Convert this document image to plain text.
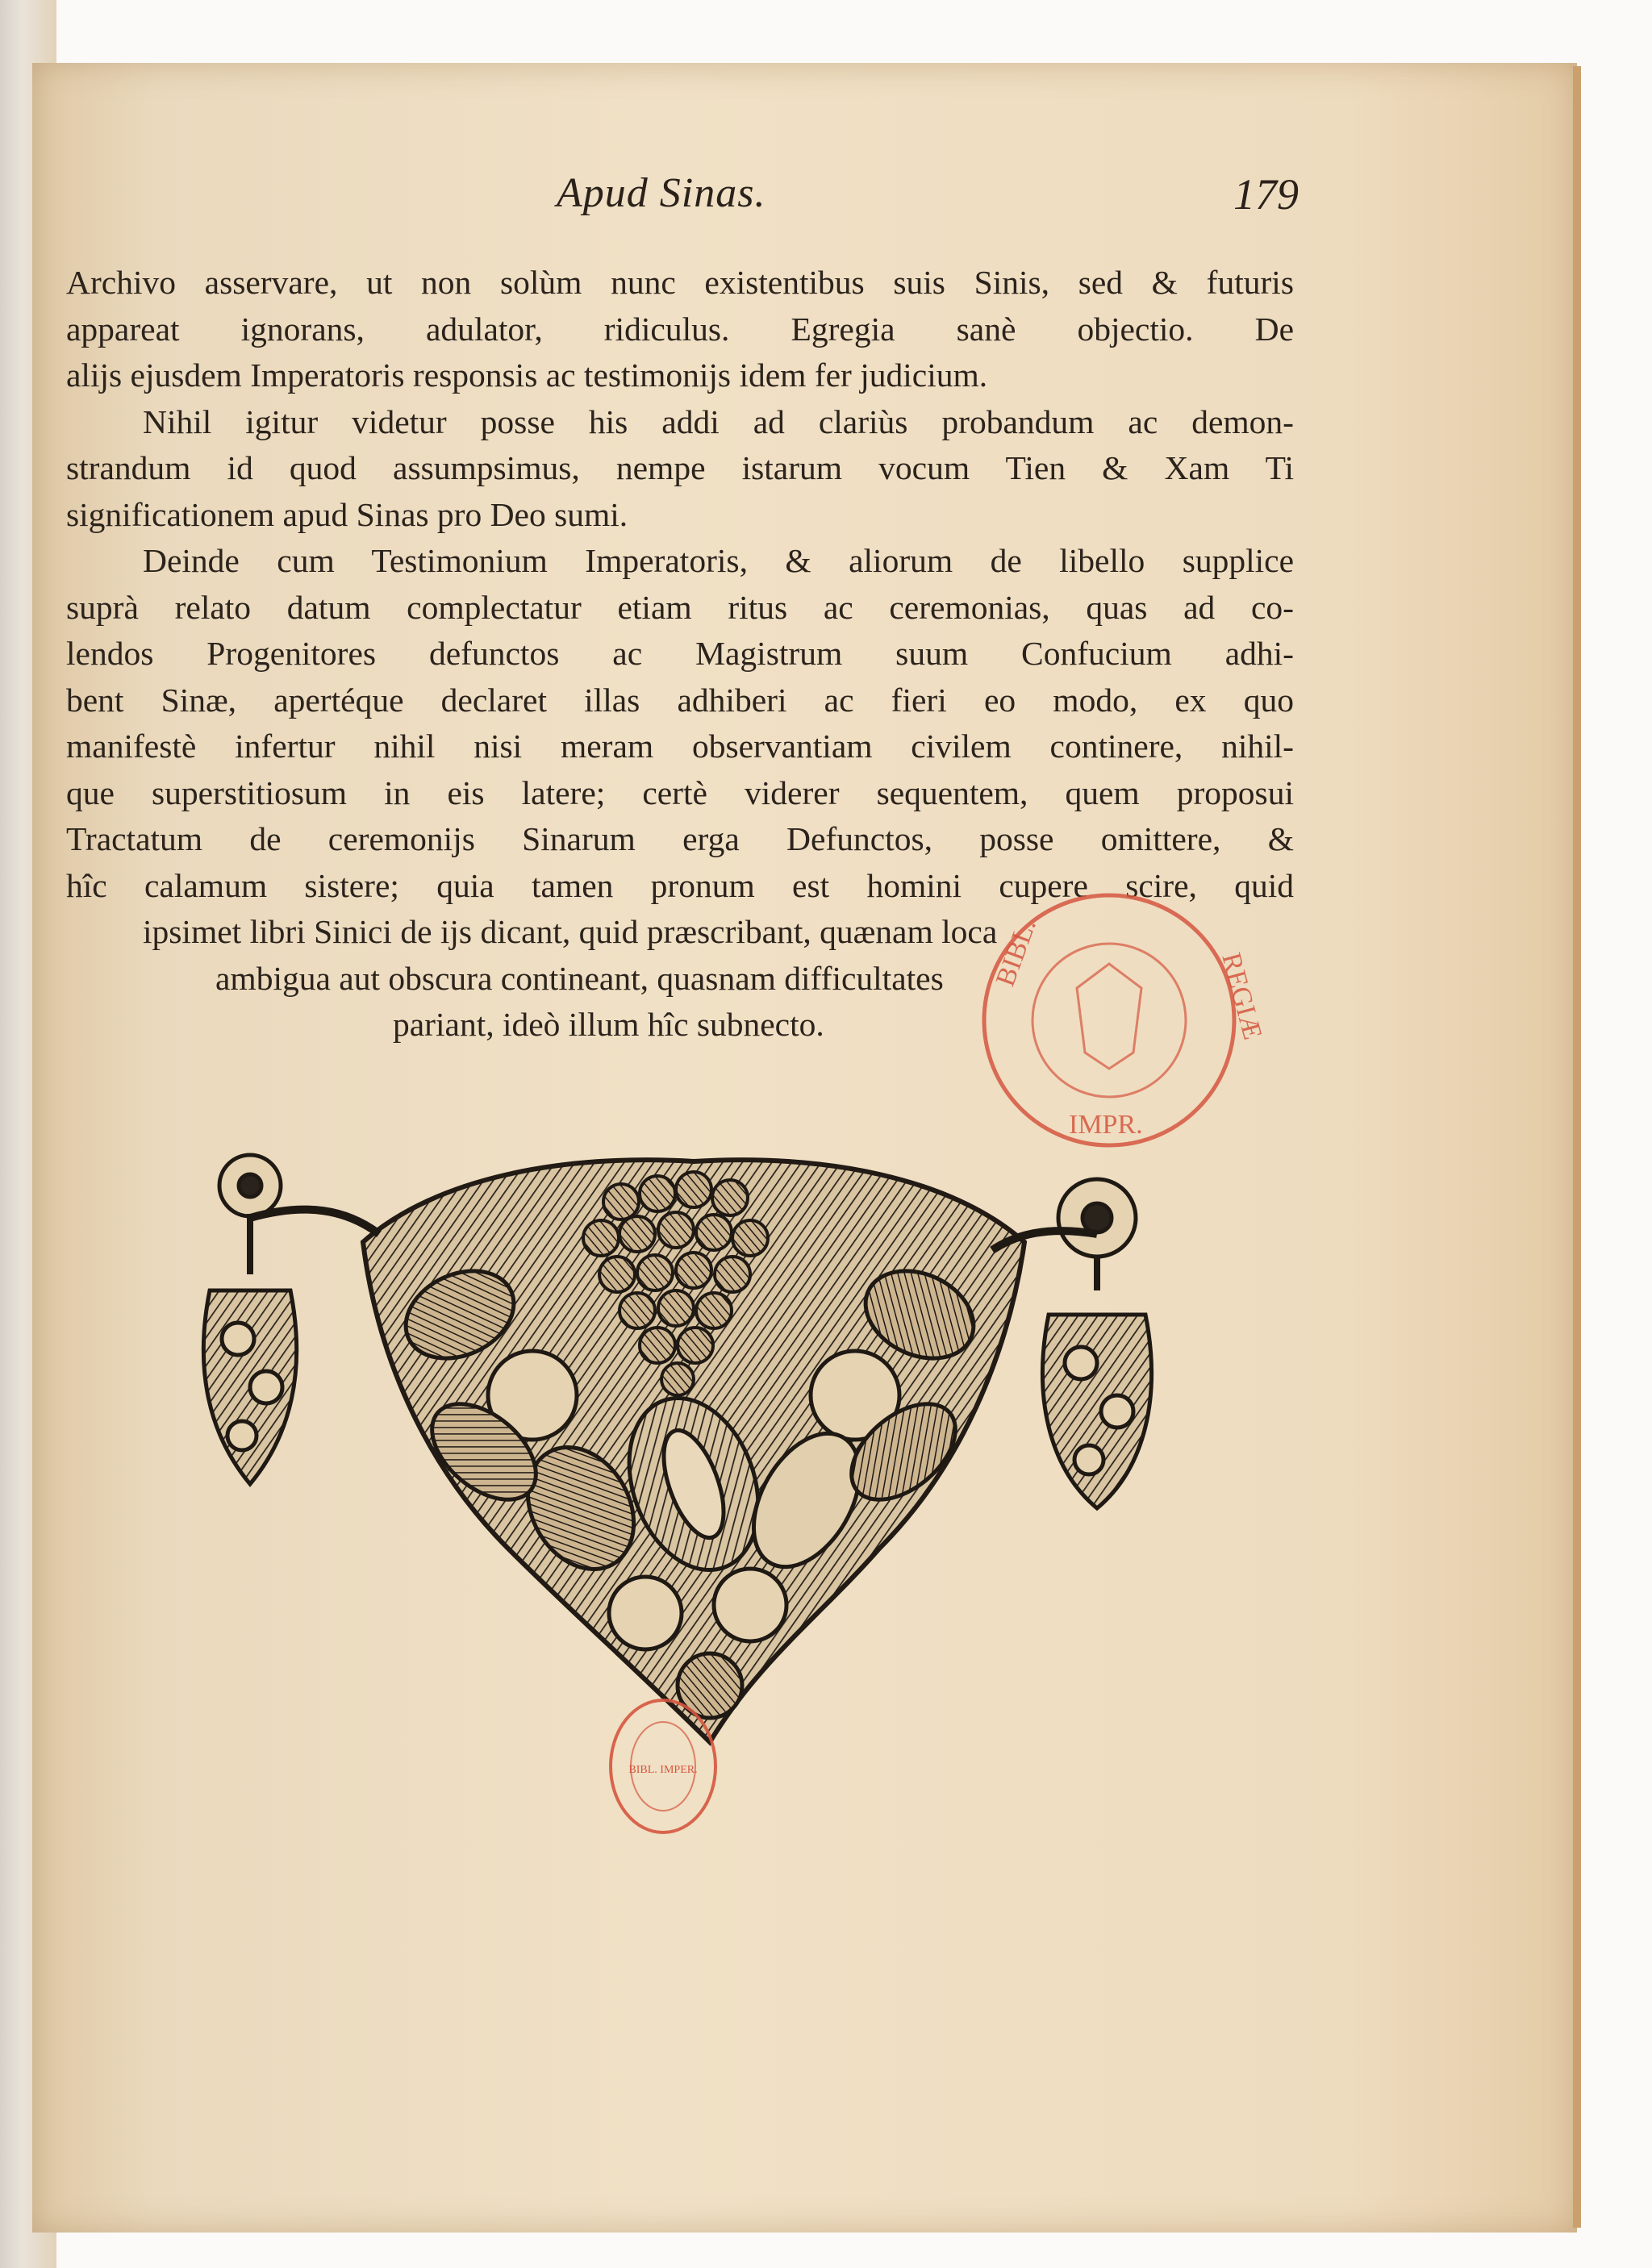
Apud Sinas.	179
Archivo asservare, ut non solùm nunc existentibus suis Sinis, sed & futuris
appareat ignorans, adulator, ridiculus. Egregia sanè objectio. De
alijs ejusdem Imperatoris responsis ac testimonijs idem fer judicium.
Nihil igitur videtur posse his addi ad clariùs probandum ac demon-
strandum id quod assumpsimus, nempe istarum vocum Tien & Xam Ti
significationem apud Sinas pro Deo sumi.
Deinde cum Testimonium Imperatoris, & aliorum de libello supplice
suprà relato datum complectatur etiam ritus ac ceremonias, quas ad co-
lendos Progenitores defunctos ac Magistrum suum Confucium adhi-
bent Sinæ, apertéque declaret illas adhiberi ac fieri eo modo, ex quo
manifestè infertur nihil nisi meram observantiam civilem continere, nihil-
que superstitiosum in eis latere; certè viderer sequentem, quem proposui
Tractatum de ceremonijs Sinarum erga Defunctos, posse omittere, &
hîc calamum sistere; quia tamen pronum est homini cupere scire, quid
ipsimet libri Sinici de ijs dicant, quid præscribant, quænam loca
ambigua aut obscura contineant, quasnam difficultates
pariant, ideò illum hîc subnecto.
BIBL.	REGIÆ
IMPR.
BIBL. IMPER.
